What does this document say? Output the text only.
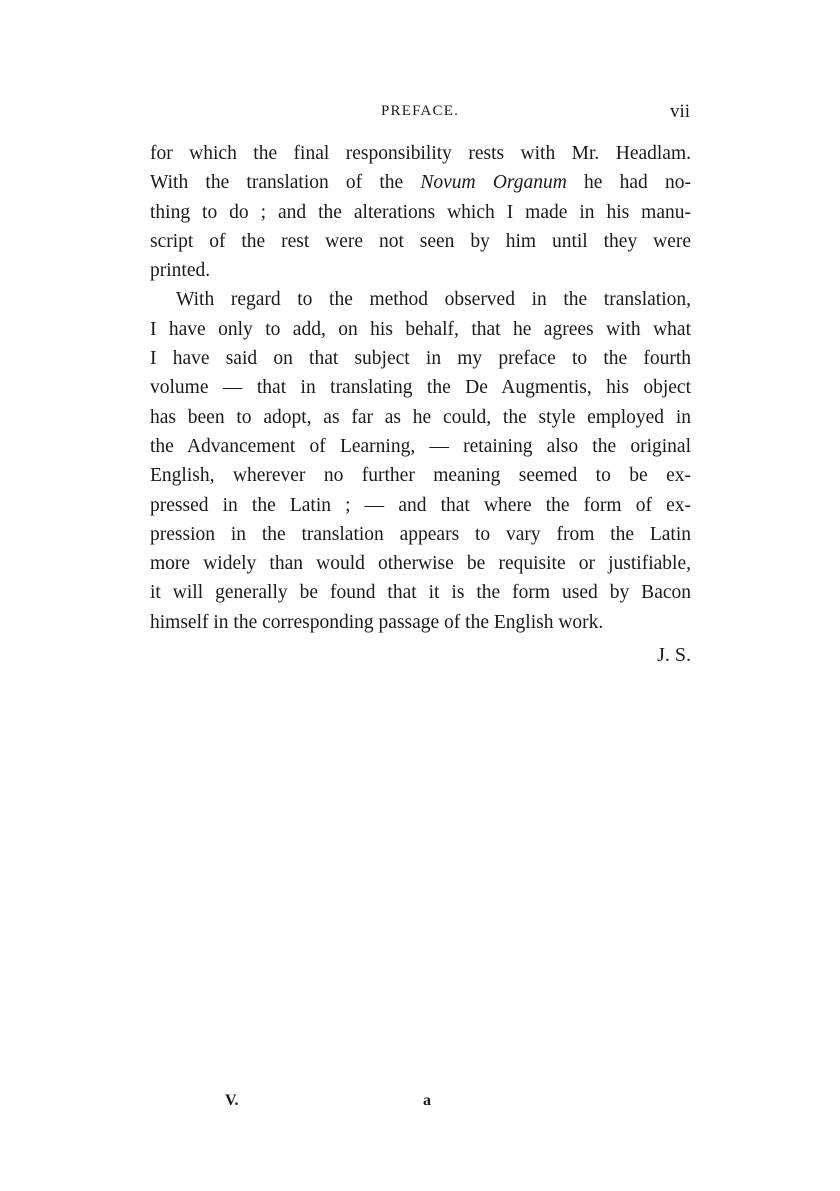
PREFACE.	vii
for which the final responsibility rests with Mr. Headlam.
With the translation of the Novum Organum he had no-
thing to do ; and the alterations which I made in his manu-
script of the rest were not seen by him until they were
printed.
With regard to the method observed in the translation,
I have only to add, on his behalf, that he agrees with what
I have said on that subject in my preface to the fourth
volume — that in translating the De Augmentis, his object
has been to adopt, as far as he could, the style employed in
the Advancement of Learning, — retaining also the original
English, wherever no further meaning seemed to be ex-
pressed in the Latin ; — and that where the form of ex-
pression in the translation appears to vary from the Latin
more widely than would otherwise be requisite or justifiable,
it will generally be found that it is the form used by Bacon
himself in the corresponding passage of the English work.
J. S.
V.	a
